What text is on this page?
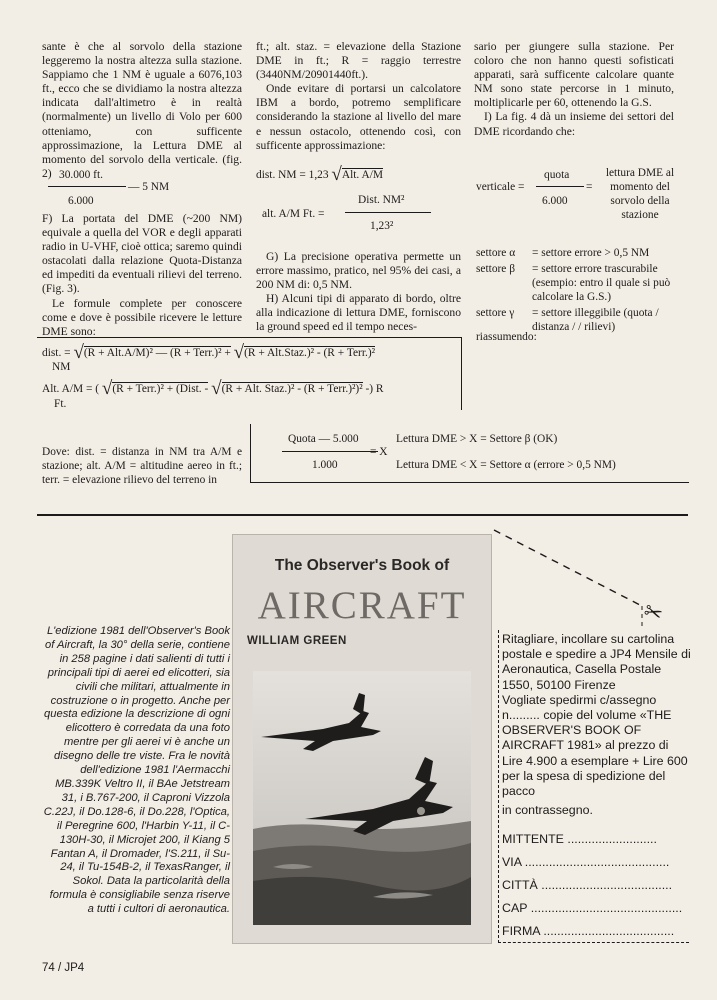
sante è che al sorvolo della stazione leggeremo la nostra altezza sulla stazione. Sappiamo che 1 NM è uguale a 6076,103 ft., ecco che se dividiamo la nostra altezza indicata dall'altimetro è in realtà (normalmente) un livello di Volo per 600 otteniamo, con sufficente approssimazione, la Lettura DME al momento del sorvolo della verticale. (fig. 2) 30.000 ft.
— 5 NM
6.000

F) La portata del DME (~200 NM) equivale a quella del VOR e degli apparati radio in U-VHF, cioè ottica; saremo quindi ostacolati dalla relazione Quota-Distanza ed impediti da eventuali rilievi del terreno. (Fig. 3).

Le formule complete per conoscere come e dove è possibile ricevere le letture DME sono:

ft.; alt. staz. = elevazione della Stazione DME in ft.; R = raggio terrestre (3440NM/20901440ft.).

Onde evitare di portarsi un calcolatore IBM a bordo, potremo semplificare considerando la stazione al livello del mare e nessun ostacolo, ottenendo così, con sufficente approssimazione:

dist. NM = 1,23 √Alt. A/M
alt. A/M Ft. =
Dist. NM²
1,23²

G) La precisione operativa permette un errore massimo, pratico, nel 95% dei casi, a 200 NM di: 0,5 NM.

H) Alcuni tipi di apparato di bordo, oltre alla indicazione di lettura DME, forniscono la ground speed ed il tempo neces-

sario per giungere sulla stazione. Per coloro che non hanno questi sofisticati apparati, sarà sufficente calcolare quante NM sono state percorse in 1 minuto, moltiplicarle per 60, ottenendo la G.S.

I) La fig. 4 dà un insieme dei settori del DME ricordando che:

verticale =
quota
=
6.000
lettura DME al momento del sorvolo della stazione
settore α	= settore errore > 0,5 NM
settore β	= settore errore trascurabile (esempio: entro il quale si può calcolare la G.S.)
settore γ	= settore illeggibile (quota / distanza / / rilievi)
riassumendo:
dist. = √(R + Alt.A/M)² — (R + Terr.)² + √(R + Alt.Staz.)² - (R + Terr.)²
NM
Alt. A/M = ( √(R + Terr.)² + (Dist. - √(R + Alt. Staz.)² - (R + Terr.)²)² -) R
Ft.
Dove: dist. = distanza in NM tra A/M e stazione; alt. A/M = altitudine aereo in ft.; terr. = elevazione rilievo del terreno in
Quota — 5.000
= X
1.000
Lettura DME > X = Settore β (OK)
Lettura DME < X = Settore α (errore > 0,5 NM)
The Observer's Book of
AIRCRAFT
WILLIAM GREEN
L'edizione 1981 dell'Observer's Book of Aircraft, la 30° della serie, contiene in 258 pagine i dati salienti di tutti i principali tipi di aerei ed elicotteri, sia civili che militari, attualmente in costruzione o in progetto. Anche per questa edizione la descrizione di ogni elicottero è corredata da una foto mentre per gli aerei vi è anche un disegno delle tre viste. Fra le novità dell'edizione 1981 l'Aermacchi MB.339K Veltro II, il BAe Jetstream 31, i B.767-200, il Caproni Vizzola C.22J, il Do.128-6, il Do.228, l'Optica, il Peregrine 600, l'Harbin Y-11, il C-130H-30, il Microjet 200, il Kiang 5 Fantan A, il Dromader, l'S.211, il Su-24, il Tu-154B-2, il TexasRanger, il Sokol. Data la particolarità della formula è consigliabile senza riserve a tutti i cultori di aeronautica.
✂
Ritagliare, incollare su cartolina postale e spedire a JP4 Mensile di Aeronautica, Casella Postale 1550, 50100 Firenze
Vogliate spedirmi c/assegno n......... copie del volume «THE OBSERVER'S BOOK OF AIRCRAFT 1981» al prezzo di Lire 4.900 a esemplare + Lire 600 per la spesa di spedizione del pacco
in contrassegno.
MITTENTE ..........................
VIA ..........................................
CITTÀ ......................................
CAP ............................................
FIRMA ......................................
74 / JP4
